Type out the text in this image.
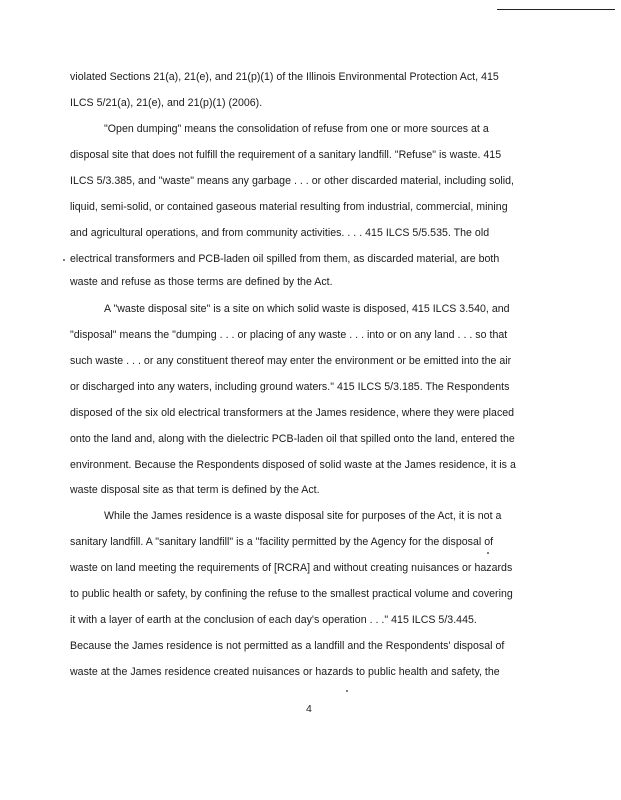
violated Sections 21(a), 21(e), and 21(p)(1) of the Illinois Environmental Protection Act, 415
ILCS 5/21(a), 21(e), and 21(p)(1) (2006).
"Open dumping" means the consolidation of refuse from one or more sources at a
disposal site that does not fulfill the requirement of a sanitary landfill. "Refuse" is waste. 415
ILCS 5/3.385, and "waste" means any garbage . . . or other discarded material, including solid,
liquid, semi-solid, or contained gaseous material resulting from industrial, commercial, mining
and agricultural operations, and from community activities. . . . 415 ILCS 5/5.535. The old
electrical transformers and PCB-laden oil spilled from them, as discarded material, are both
waste and refuse as those terms are defined by the Act.
A "waste disposal site" is a site on which solid waste is disposed, 415 ILCS 3.540, and
"disposal" means the "dumping . . . or placing of any waste . . . into or on any land . . . so that
such waste . . . or any constituent thereof may enter the environment or be emitted into the air
or discharged into any waters, including ground waters." 415 ILCS 5/3.185. The Respondents
disposed of the six old electrical transformers at the James residence, where they were placed
onto the land and, along with the dielectric PCB-laden oil that spilled onto the land, entered the
environment. Because the Respondents disposed of solid waste at the James residence, it is a
waste disposal site as that term is defined by the Act.
While the James residence is a waste disposal site for purposes of the Act, it is not a
sanitary landfill. A "sanitary landfill" is a "facility permitted by the Agency for the disposal of
waste on land meeting the requirements of [RCRA] and without creating nuisances or hazards
to public health or safety, by confining the refuse to the smallest practical volume and covering
it with a layer of earth at the conclusion of each day's operation . . ." 415 ILCS 5/3.445.
Because the James residence is not permitted as a landfill and the Respondents' disposal of
waste at the James residence created nuisances or hazards to public health and safety, the
4
